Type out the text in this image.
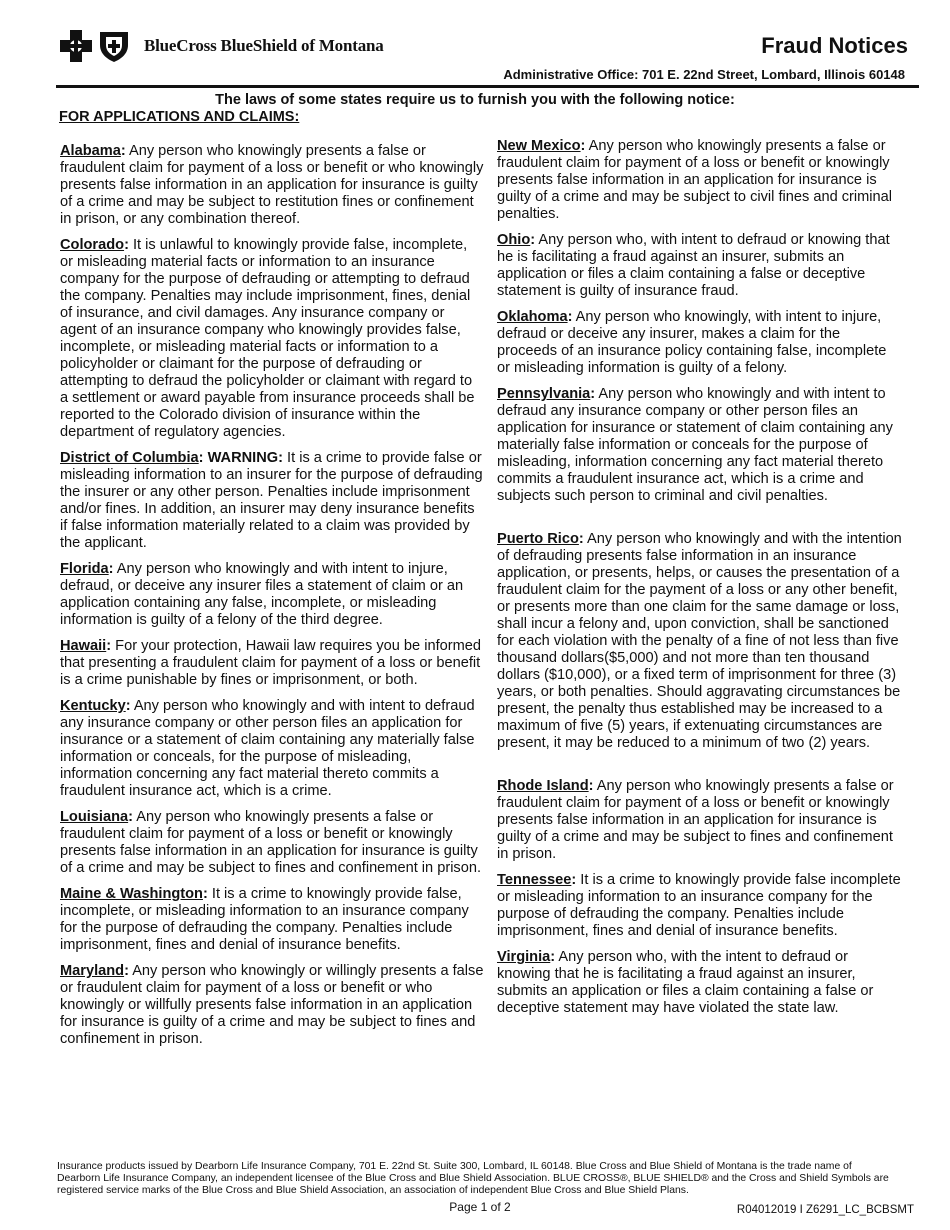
BlueCross BlueShield of Montana	Fraud Notices
Administrative Office: 701 E. 22nd Street, Lombard, Illinois 60148
The laws of some states require us to furnish you with the following notice:
FOR APPLICATIONS AND CLAIMS:

Alabama: Any person who knowingly presents a false or fraudulent claim for payment of a loss or benefit or who knowingly presents false information in an application for insurance is guilty of a crime and may be subject to restitution fines or confinement in prison, or any combination thereof.

Colorado: It is unlawful to knowingly provide false, incomplete, or misleading material facts or information to an insurance company for the purpose of defrauding or attempting to defraud the company. Penalties may include imprisonment, fines, denial of insurance, and civil damages. Any insurance company or agent of an insurance company who knowingly provides false, incomplete, or misleading material facts or information to a policyholder or claimant for the purpose of defrauding or attempting to defraud the policyholder or claimant with regard to a settlement or award payable from insurance proceeds shall be reported to the Colorado division of insurance within the department of regulatory agencies.

District of Columbia: WARNING: It is a crime to provide false or misleading information to an insurer for the purpose of defrauding the insurer or any other person. Penalties include imprisonment and/or fines. In addition, an insurer may deny insurance benefits if false information materially related to a claim was provided by the applicant.

Florida: Any person who knowingly and with intent to injure, defraud, or deceive any insurer files a statement of claim or an application containing any false, incomplete, or misleading information is guilty of a felony of the third degree.

Hawaii: For your protection, Hawaii law requires you be informed that presenting a fraudulent claim for payment of a loss or benefit is a crime punishable by fines or imprisonment, or both.

Kentucky: Any person who knowingly and with intent to defraud any insurance company or other person files an application for insurance or a statement of claim containing any materially false information or conceals, for the purpose of misleading, information concerning any fact material thereto commits a fraudulent insurance act, which is a crime.

Louisiana: Any person who knowingly presents a false or fraudulent claim for payment of a loss or benefit or knowingly presents false information in an application for insurance is guilty of a crime and may be subject to fines and confinement in prison.

Maine & Washington: It is a crime to knowingly provide false, incomplete, or misleading information to an insurance company for the purpose of defrauding the company. Penalties include imprisonment, fines and denial of insurance benefits.

Maryland: Any person who knowingly or willingly presents a false or fraudulent claim for payment of a loss or benefit or who knowingly or willfully presents false information in an application for insurance is guilty of a crime and may be subject to fines and confinement in prison.

New Mexico: Any person who knowingly presents a false or fraudulent claim for payment of a loss or benefit or knowingly presents false information in an application for insurance is guilty of a crime and may be subject to civil fines and criminal penalties.

Ohio: Any person who, with intent to defraud or knowing that he is facilitating a fraud against an insurer, submits an application or files a claim containing a false or deceptive statement is guilty of insurance fraud.

Oklahoma: Any person who knowingly, with intent to injure, defraud or deceive any insurer, makes a claim for the proceeds of an insurance policy containing false, incomplete or misleading information is guilty of a felony.

Pennsylvania: Any person who knowingly and with intent to defraud any insurance company or other person files an application for insurance or statement of claim containing any materially false information or conceals for the purpose of misleading, information concerning any fact material thereto commits a fraudulent insurance act, which is a crime and subjects such person to criminal and civil penalties.

Puerto Rico: Any person who knowingly and with the intention of defrauding presents false information in an insurance application, or presents, helps, or causes the presentation of a fraudulent claim for the payment of a loss or any other benefit, or presents more than one claim for the same damage or loss, shall incur a felony and, upon conviction, shall be sanctioned for each violation with the penalty of a fine of not less than five thousand dollars($5,000) and not more than ten thousand dollars ($10,000), or a fixed term of imprisonment for three (3) years, or both penalties. Should aggravating circumstances be present, the penalty thus established may be increased to a maximum of five (5) years, if extenuating circumstances are present, it may be reduced to a minimum of two (2) years.

Rhode Island: Any person who knowingly presents a false or fraudulent claim for payment of a loss or benefit or knowingly presents false information in an application for insurance is guilty of a crime and may be subject to fines and confinement in prison.

Tennessee: It is a crime to knowingly provide false incomplete or misleading information to an insurance company for the purpose of defrauding the company. Penalties include imprisonment, fines and denial of insurance benefits.

Virginia: Any person who, with the intent to defraud or knowing that he is facilitating a fraud against an insurer, submits an application or files a claim containing a false or deceptive statement may have violated the state law.

Insurance products issued by Dearborn Life Insurance Company, 701 E. 22nd St. Suite 300, Lombard, IL 60148. Blue Cross and Blue Shield of Montana is the trade name of Dearborn Life Insurance Company, an independent licensee of the Blue Cross and Blue Shield Association. BLUE CROSS®, BLUE SHIELD® and the Cross and Shield Symbols are registered service marks of the Blue Cross and Blue Shield Association, an association of independent Blue Cross and Blue Shield Plans.
Page 1 of 2	R04012019 I Z6291_LC_BCBSMT
